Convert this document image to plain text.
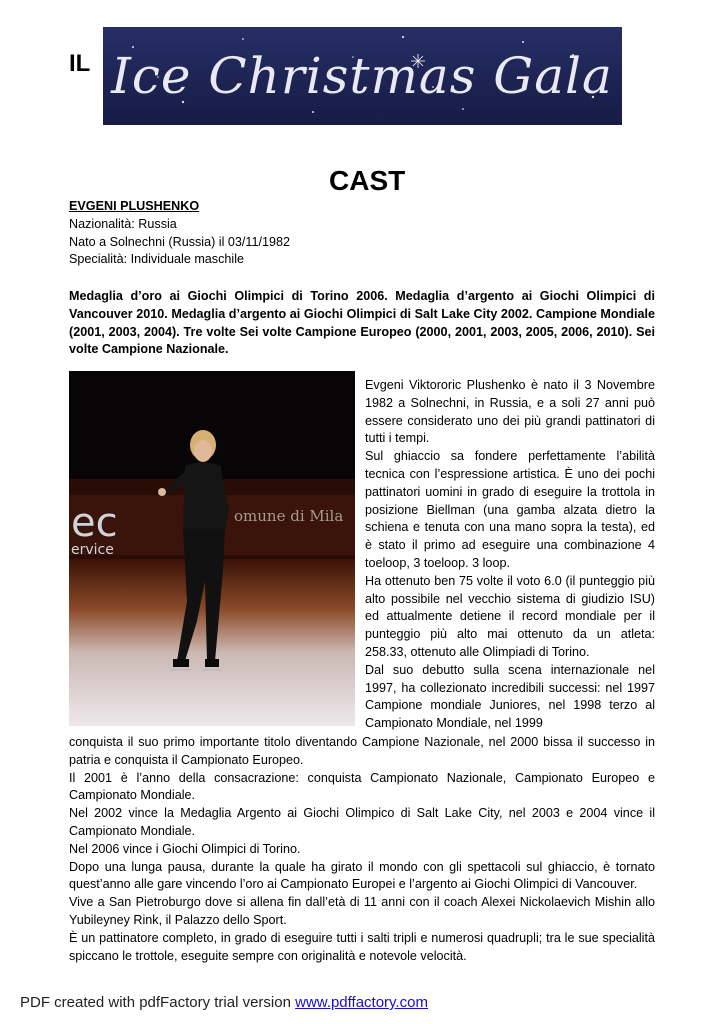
IL Ice Christmas Gala
CAST
EVGENI PLUSHENKO
Nazionalità: Russia
Nato a Solnechni (Russia) il 03/11/1982
Specialità: Individuale maschile
Medaglia d’oro ai Giochi Olimpici di Torino 2006. Medaglia d’argento ai Giochi Olimpici di Vancouver 2010. Medaglia d’argento ai Giochi Olimpici di Salt Lake City 2002. Campione Mondiale (2001, 2003, 2004). Tre volte Sei volte Campione Europeo (2000, 2001, 2003, 2005, 2006, 2010). Sei volte Campione Nazionale.
ec
ervice
omune di Mila
Evgeni Viktororic Plushenko è nato il 3 Novembre 1982 a Solnechni, in Russia, e a soli 27 anni può essere considerato uno dei più grandi pattinatori di tutti i tempi.
Sul ghiaccio sa fondere perfettamente l’abilità tecnica con l’espressione artistica. È uno dei pochi pattinatori uomini in grado di eseguire la trottola in posizione Biellman (una gamba alzata dietro la schiena e tenuta con una mano sopra la testa), ed è stato il primo ad eseguire una combinazione 4 toeloop, 3 toeloop. 3 loop.
Ha ottenuto ben 75 volte il voto 6.0 (il punteggio più alto possibile nel vecchio sistema di giudizio ISU) ed attualmente detiene il record mondiale per il punteggio più alto mai ottenuto da un atleta: 258.33, ottenuto alle Olimpiadi di Torino.
Dal suo debutto sulla scena internazionale nel 1997, ha collezionato incredibili successi: nel 1997 Campione mondiale Juniores, nel 1998 terzo al Campionato Mondiale, nel 1999
conquista il suo primo importante titolo diventando Campione Nazionale, nel 2000 bissa il successo in patria e conquista il Campionato Europeo.
Il 2001 è l’anno della consacrazione: conquista Campionato Nazionale, Campionato Europeo e Campionato Mondiale.
Nel 2002 vince la Medaglia Argento ai Giochi Olimpico di Salt Lake City, nel 2003 e 2004 vince il Campionato Mondiale.
Nel 2006 vince i Giochi Olimpici di Torino.
Dopo una lunga pausa, durante la quale ha girato il mondo con gli spettacoli sul ghiaccio, è tornato quest’anno alle gare vincendo l’oro ai Campionato Europei e l’argento ai Giochi Olimpici di Vancouver.
Vive a San Pietroburgo dove si allena fin dall’età di 11 anni con il coach Alexei Nickolaevich Mishin allo Yubileyney Rink, il Palazzo dello Sport.
È un pattinatore completo, in grado di eseguire tutti i salti tripli e numerosi quadrupli; tra le sue specialità spiccano le trottole, eseguite sempre con originalità e notevole velocità.
PDF created with pdfFactory trial version www.pdffactory.com
